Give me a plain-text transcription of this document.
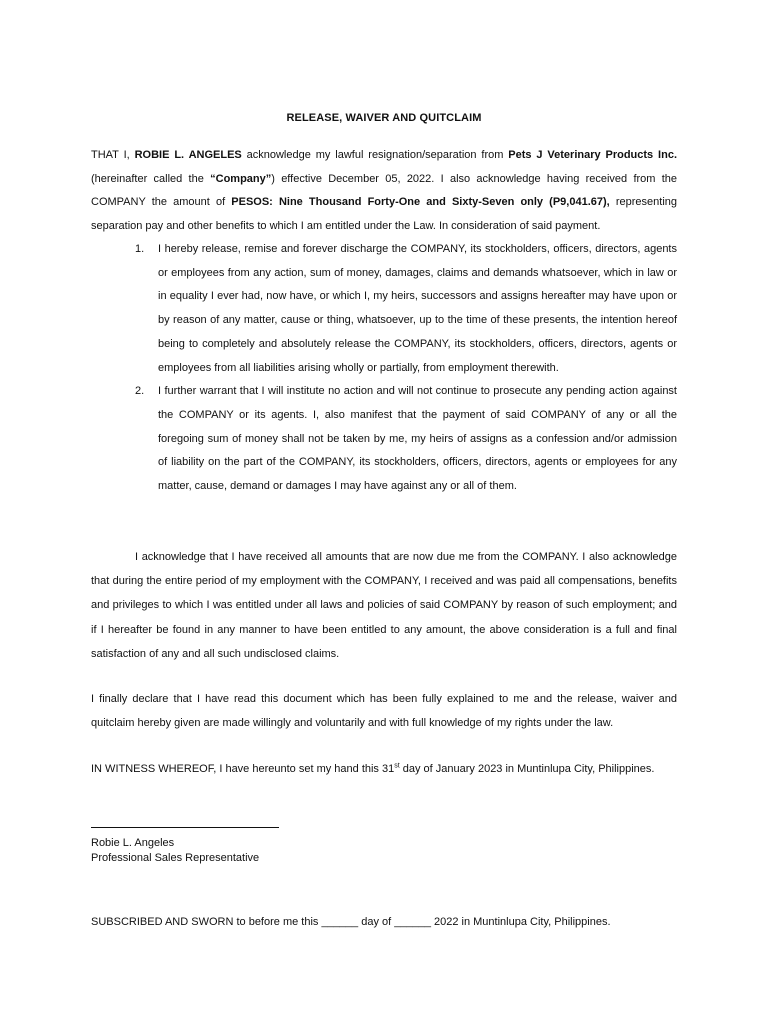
RELEASE, WAIVER AND QUITCLAIM

THAT I, ROBIE L. ANGELES acknowledge my lawful resignation/separation from Pets J Veterinary Products Inc. (hereinafter called the “Company”) effective December 05, 2022. I also acknowledge having received from the COMPANY the amount of PESOS: Nine Thousand Forty-One and Sixty-Seven only (P9,041.67), representing separation pay and other benefits to which I am entitled under the Law. In consideration of said payment.

1. I hereby release, remise and forever discharge the COMPANY, its stockholders, officers, directors, agents or employees from any action, sum of money, damages, claims and demands whatsoever, which in law or in equality I ever had, now have, or which I, my heirs, successors and assigns hereafter may have upon or by reason of any matter, cause or thing, whatsoever, up to the time of these presents, the intention hereof being to completely and absolutely release the COMPANY, its stockholders, officers, directors, agents or employees from all liabilities arising wholly or partially, from employment therewith.
2. I further warrant that I will institute no action and will not continue to prosecute any pending action against the COMPANY or its agents. I, also manifest that the payment of said COMPANY of any or all the foregoing sum of money shall not be taken by me, my heirs of assigns as a confession and/or admission of liability on the part of the COMPANY, its stockholders, officers, directors, agents or employees for any matter, cause, demand or damages I may have against any or all of them.

I acknowledge that I have received all amounts that are now due me from the COMPANY. I also acknowledge that during the entire period of my employment with the COMPANY, I received and was paid all compensations, benefits and privileges to which I was entitled under all laws and policies of said COMPANY by reason of such employment; and if I hereafter be found in any manner to have been entitled to any amount, the above consideration is a full and final satisfaction of any and all such undisclosed claims.

I finally declare that I have read this document which has been fully explained to me and the release, waiver and quitclaim hereby given are made willingly and voluntarily and with full knowledge of my rights under the law.

IN WITNESS WHEREOF, I have hereunto set my hand this 31st day of January 2023 in Muntinlupa City, Philippines.

Robie L. Angeles
Professional Sales Representative
SUBSCRIBED AND SWORN to before me this ______ day of ______ 2022 in Muntinlupa City, Philippines.
